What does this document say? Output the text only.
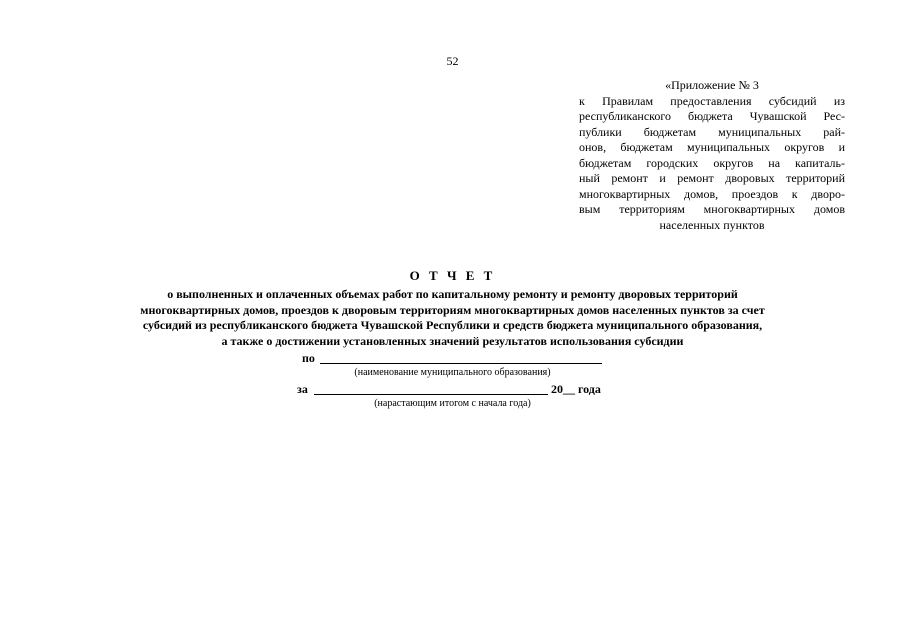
52
«Приложение № 3
к Правилам предоставления субсидий из
республиканского бюджета Чувашской Рес-
публики бюджетам муниципальных рай-
онов, бюджетам муниципальных округов и
бюджетам городских округов на капиталь-
ный ремонт и ремонт дворовых территорий
многоквартирных домов, проездов к дворо-
вым территориям многоквартирных домов
населенных пунктов
О Т Ч Е Т
о выполненных и оплаченных объемах работ по капитальному ремонту и ремонту дворовых территорий
многоквартирных домов, проездов к дворовым территориям многоквартирных домов населенных пунктов за счет
субсидий из республиканского бюджета Чувашской Республики и средств бюджета муниципального образования,
а также о достижении установленных значений результатов использования субсидии
по
(наименование муниципального образования)
за	20__ года
(нарастающим итогом с начала года)
